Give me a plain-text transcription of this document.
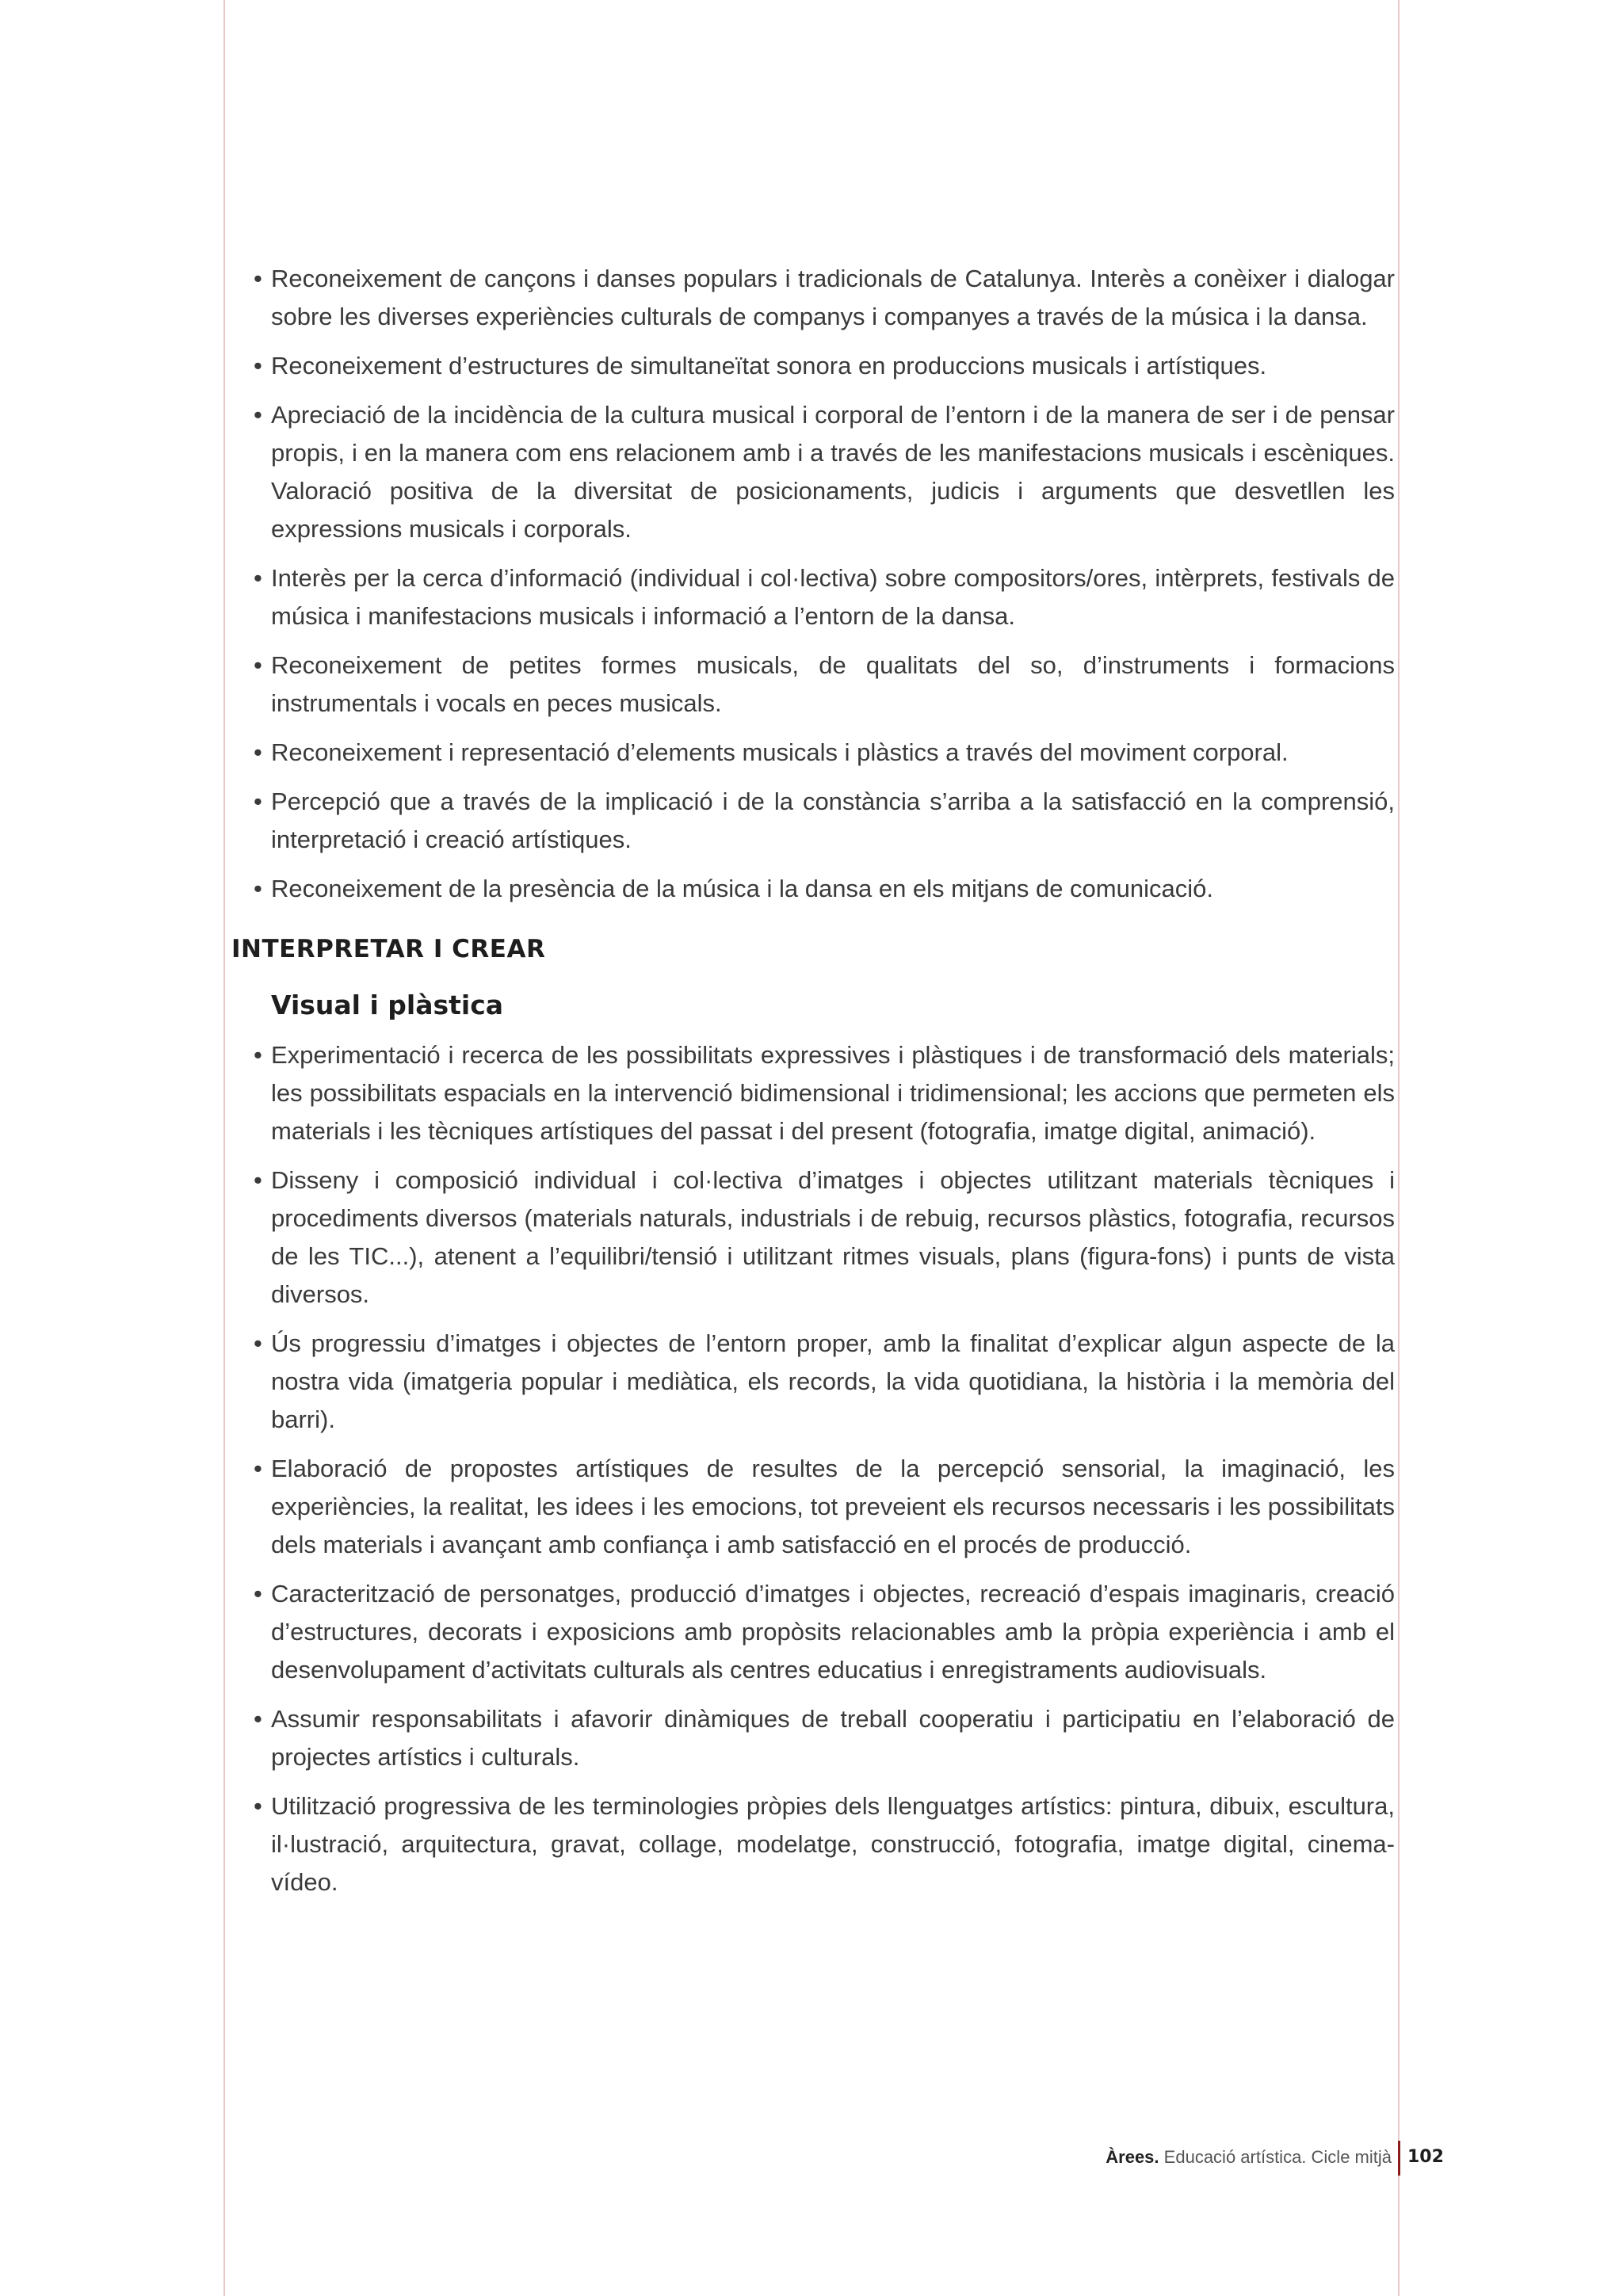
• Reconeixement de cançons i danses populars i tradicionals de Catalunya. Interès a conèixer i dialogar sobre les diverses experiències culturals de companys i companyes a través de la música i la dansa.
• Reconeixement d’estructures de simultaneïtat sonora en produccions musicals i artístiques.
• Apreciació de la incidència de la cultura musical i corporal de l’entorn i de la manera de ser i de pensar propis, i en la manera com ens relacionem amb i a través de les manifestacions musicals i escèniques. Valoració positiva de la diversitat de posicionaments, judicis i arguments que desvetllen les expressions musicals i corporals.
• Interès per la cerca d’informació (individual i col·lectiva) sobre compositors/ores, intèrprets, festivals de música i manifestacions musicals i informació a l’entorn de la dansa.
• Reconeixement de petites formes musicals, de qualitats del so, d’instruments i formacions instrumentals i vocals en peces musicals.
• Reconeixement i representació d’elements musicals i plàstics a través del moviment corporal.
• Percepció que a través de la implicació i de la constància s’arriba a la satisfacció en la comprensió, interpretació i creació artístiques.
• Reconeixement de la presència de la música i la dansa en els mitjans de comunicació.
INTERPRETAR I CREAR
Visual i plàstica
• Experimentació i recerca de les possibilitats expressives i plàstiques i de transformació dels materials; les possibilitats espacials en la intervenció bidimensional i tridimensional; les accions que permeten els materials i les tècniques artístiques del passat i del present (fotografia, imatge digital, animació).
• Disseny i composició individual i col·lectiva d’imatges i objectes utilitzant materials tècniques i procediments diversos (materials naturals, industrials i de rebuig, recursos plàstics, fotografia, recursos de les TIC...), atenent a l’equilibri/tensió i utilitzant ritmes visuals, plans (figura-fons) i punts de vista diversos.
• Ús progressiu d’imatges i objectes de l’entorn proper, amb la finalitat d’explicar algun aspecte de la nostra vida (imatgeria popular i mediàtica, els records, la vida quotidiana, la història i la memòria del barri).
• Elaboració de propostes artístiques de resultes de la percepció sensorial, la imaginació, les experiències, la realitat, les idees i les emocions, tot preveient els recursos necessaris i les possibilitats dels materials i avançant amb confiança i amb satisfacció en el procés de producció.
• Caracterització de personatges, producció d’imatges i objectes, recreació d’espais imaginaris, creació d’estructures, decorats i exposicions amb propòsits relacionables amb la pròpia experiència i amb el desenvolupament d’activitats culturals als centres educatius i enregistraments audiovisuals.
• Assumir responsabilitats i afavorir dinàmiques de treball cooperatiu i participatiu en l’elaboració de projectes artístics i culturals.
• Utilització progressiva de les terminologies pròpies dels llenguatges artístics: pintura, dibuix, escultura, il·lustració, arquitectura, gravat, collage, modelatge, construcció, fotografia, imatge digital, cinema-vídeo.
Àrees. Educació artística. Cicle mitjà 102
